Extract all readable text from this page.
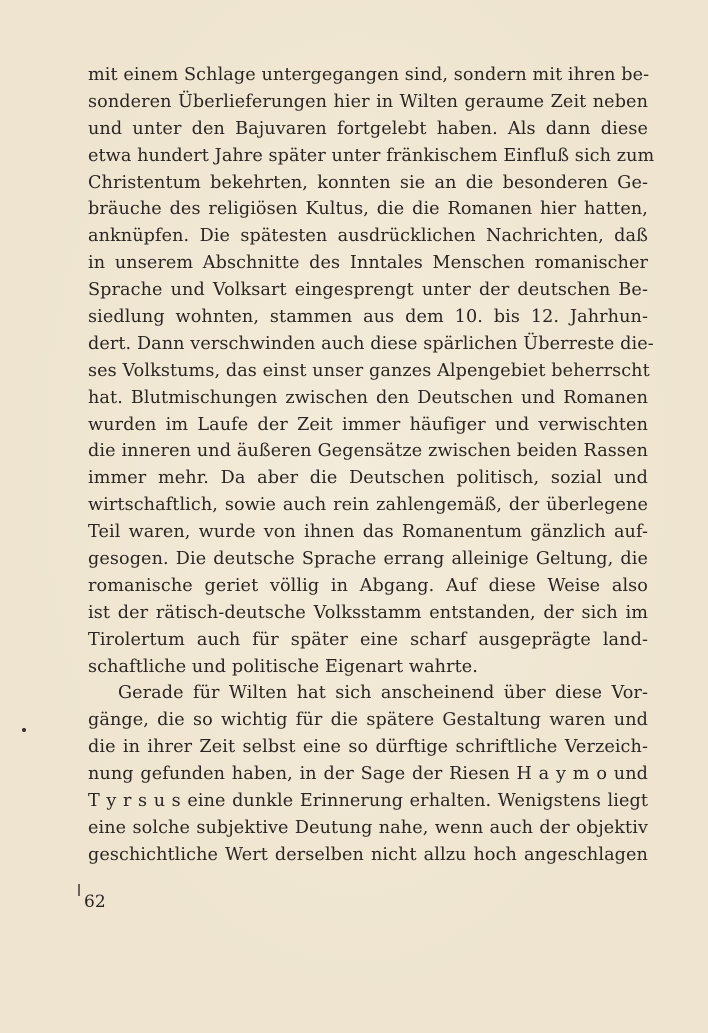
mit einem Schlage untergegangen sind, sondern mit ihren be-
sonderen Überlieferungen hier in Wilten geraume Zeit neben
und unter den Bajuvaren fortgelebt haben. Als dann diese
etwa hundert Jahre später unter fränkischem Einfluß sich zum
Christentum bekehrten, konnten sie an die besonderen Ge-
bräuche des religiösen Kultus, die die Romanen hier hatten,
anknüpfen. Die spätesten ausdrücklichen Nachrichten, daß
in unserem Abschnitte des Inntales Menschen romanischer
Sprache und Volksart eingesprengt unter der deutschen Be-
siedlung wohnten, stammen aus dem 10. bis 12. Jahrhun-
dert. Dann verschwinden auch diese spärlichen Überreste die-
ses Volkstums, das einst unser ganzes Alpengebiet beherrscht
hat. Blutmischungen zwischen den Deutschen und Romanen
wurden im Laufe der Zeit immer häufiger und verwischten
die inneren und äußeren Gegensätze zwischen beiden Rassen
immer mehr. Da aber die Deutschen politisch, sozial und
wirtschaftlich, sowie auch rein zahlengemäß, der überlegene
Teil waren, wurde von ihnen das Romanentum gänzlich auf-
gesogen. Die deutsche Sprache errang alleinige Geltung, die
romanische geriet völlig in Abgang. Auf diese Weise also
ist der rätisch-deutsche Volksstamm entstanden, der sich im
Tirolertum auch für später eine scharf ausgeprägte land-
schaftliche und politische Eigenart wahrte.
Gerade für Wilten hat sich anscheinend über diese Vor-
gänge, die so wichtig für die spätere Gestaltung waren und
die in ihrer Zeit selbst eine so dürftige schriftliche Verzeich-
nung gefunden haben, in der Sage der Riesen H a y m o und
T y r s u s eine dunkle Erinnerung erhalten. Wenigstens liegt
eine solche subjektive Deutung nahe, wenn auch der objektiv
geschichtliche Wert derselben nicht allzu hoch angeschlagen
62
